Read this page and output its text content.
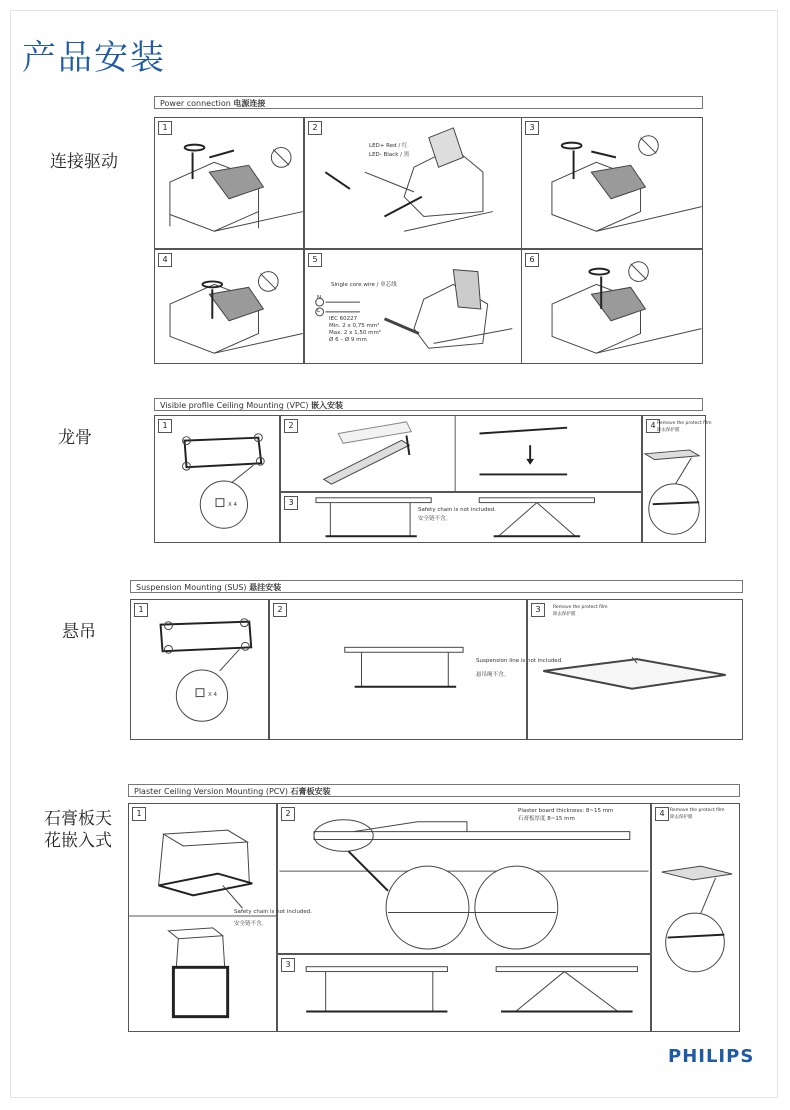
产品安装
连接驱动
龙骨
悬吊
石膏板天
花嵌入式
Power connection 电源连接
1	2
LED+ Red / 红
LED- Black / 黑
3
4	5
N
L
Single core wire / 单芯线
IEC 60227
Min. 2 x 0,75 mm²
Max. 2 x 1,50 mm²
Ø 6 – Ø 9 mm
6
Visible profile Ceiling Mounting (VPC) 嵌入安装
1
X 4
2
3
Safety chain is not included.
安全链不含。
4 Remove the protect film
除去保护膜
Suspension Mounting (SUS) 悬挂安装
1
X 4
2
Suspension line is not included.
悬吊绳不含。
3	Remove the protect film
除去保护膜
Plaster Ceiling Version Mounting (PCV) 石膏板安装
1
Safety chain is not included.
安全链不含。
2	Plaster board thickness: 8~15 mm
石膏板厚度 8~15 mm
3
4	Remove the protect film
除去保护膜
PHILIPS
